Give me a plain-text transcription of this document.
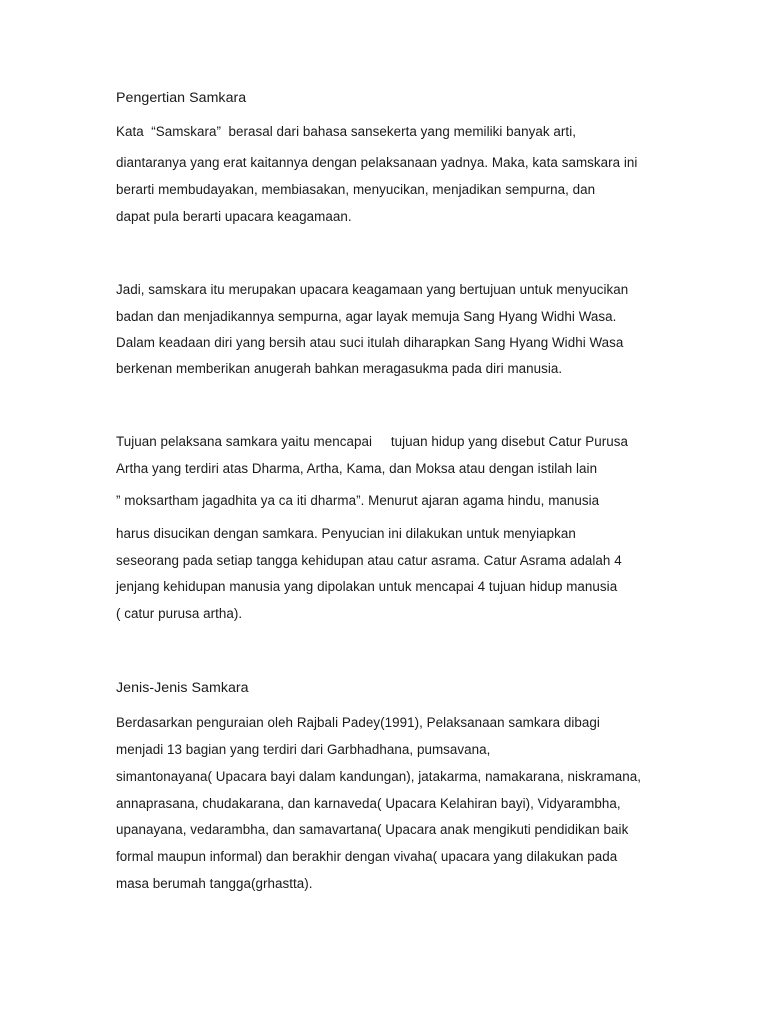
Pengertian Samkara
Kata  “Samskara”  berasal dari bahasa sansekerta yang memiliki banyak arti,
diantaranya yang erat kaitannya dengan pelaksanaan yadnya. Maka, kata samskara ini
berarti membudayakan, membiasakan, menyucikan, menjadikan sempurna, dan
dapat pula berarti upacara keagamaan.
Jadi, samskara itu merupakan upacara keagamaan yang bertujuan untuk menyucikan
badan dan menjadikannya sempurna, agar layak memuja Sang Hyang Widhi Wasa.
Dalam keadaan diri yang bersih atau suci itulah diharapkan Sang Hyang Widhi Wasa
berkenan memberikan anugerah bahkan meragasukma pada diri manusia.
Tujuan pelaksana samkara yaitu mencapai     tujuan hidup yang disebut Catur Purusa
Artha yang terdiri atas Dharma, Artha, Kama, dan Moksa atau dengan istilah lain
” moksartham jagadhita ya ca iti dharma”. Menurut ajaran agama hindu, manusia
harus disucikan dengan samkara. Penyucian ini dilakukan untuk menyiapkan
seseorang pada setiap tangga kehidupan atau catur asrama. Catur Asrama adalah 4
jenjang kehidupan manusia yang dipolakan untuk mencapai 4 tujuan hidup manusia
( catur purusa artha).
Jenis-Jenis Samkara
Berdasarkan penguraian oleh Rajbali Padey(1991), Pelaksanaan samkara dibagi
menjadi 13 bagian yang terdiri dari Garbhadhana, pumsavana,
simantonayana( Upacara bayi dalam kandungan), jatakarma, namakarana, niskramana,
annaprasana, chudakarana, dan karnaveda( Upacara Kelahiran bayi), Vidyarambha,
upanayana, vedarambha, dan samavartana( Upacara anak mengikuti pendidikan baik
formal maupun informal) dan berakhir dengan vivaha( upacara yang dilakukan pada
masa berumah tangga(grhastta).
